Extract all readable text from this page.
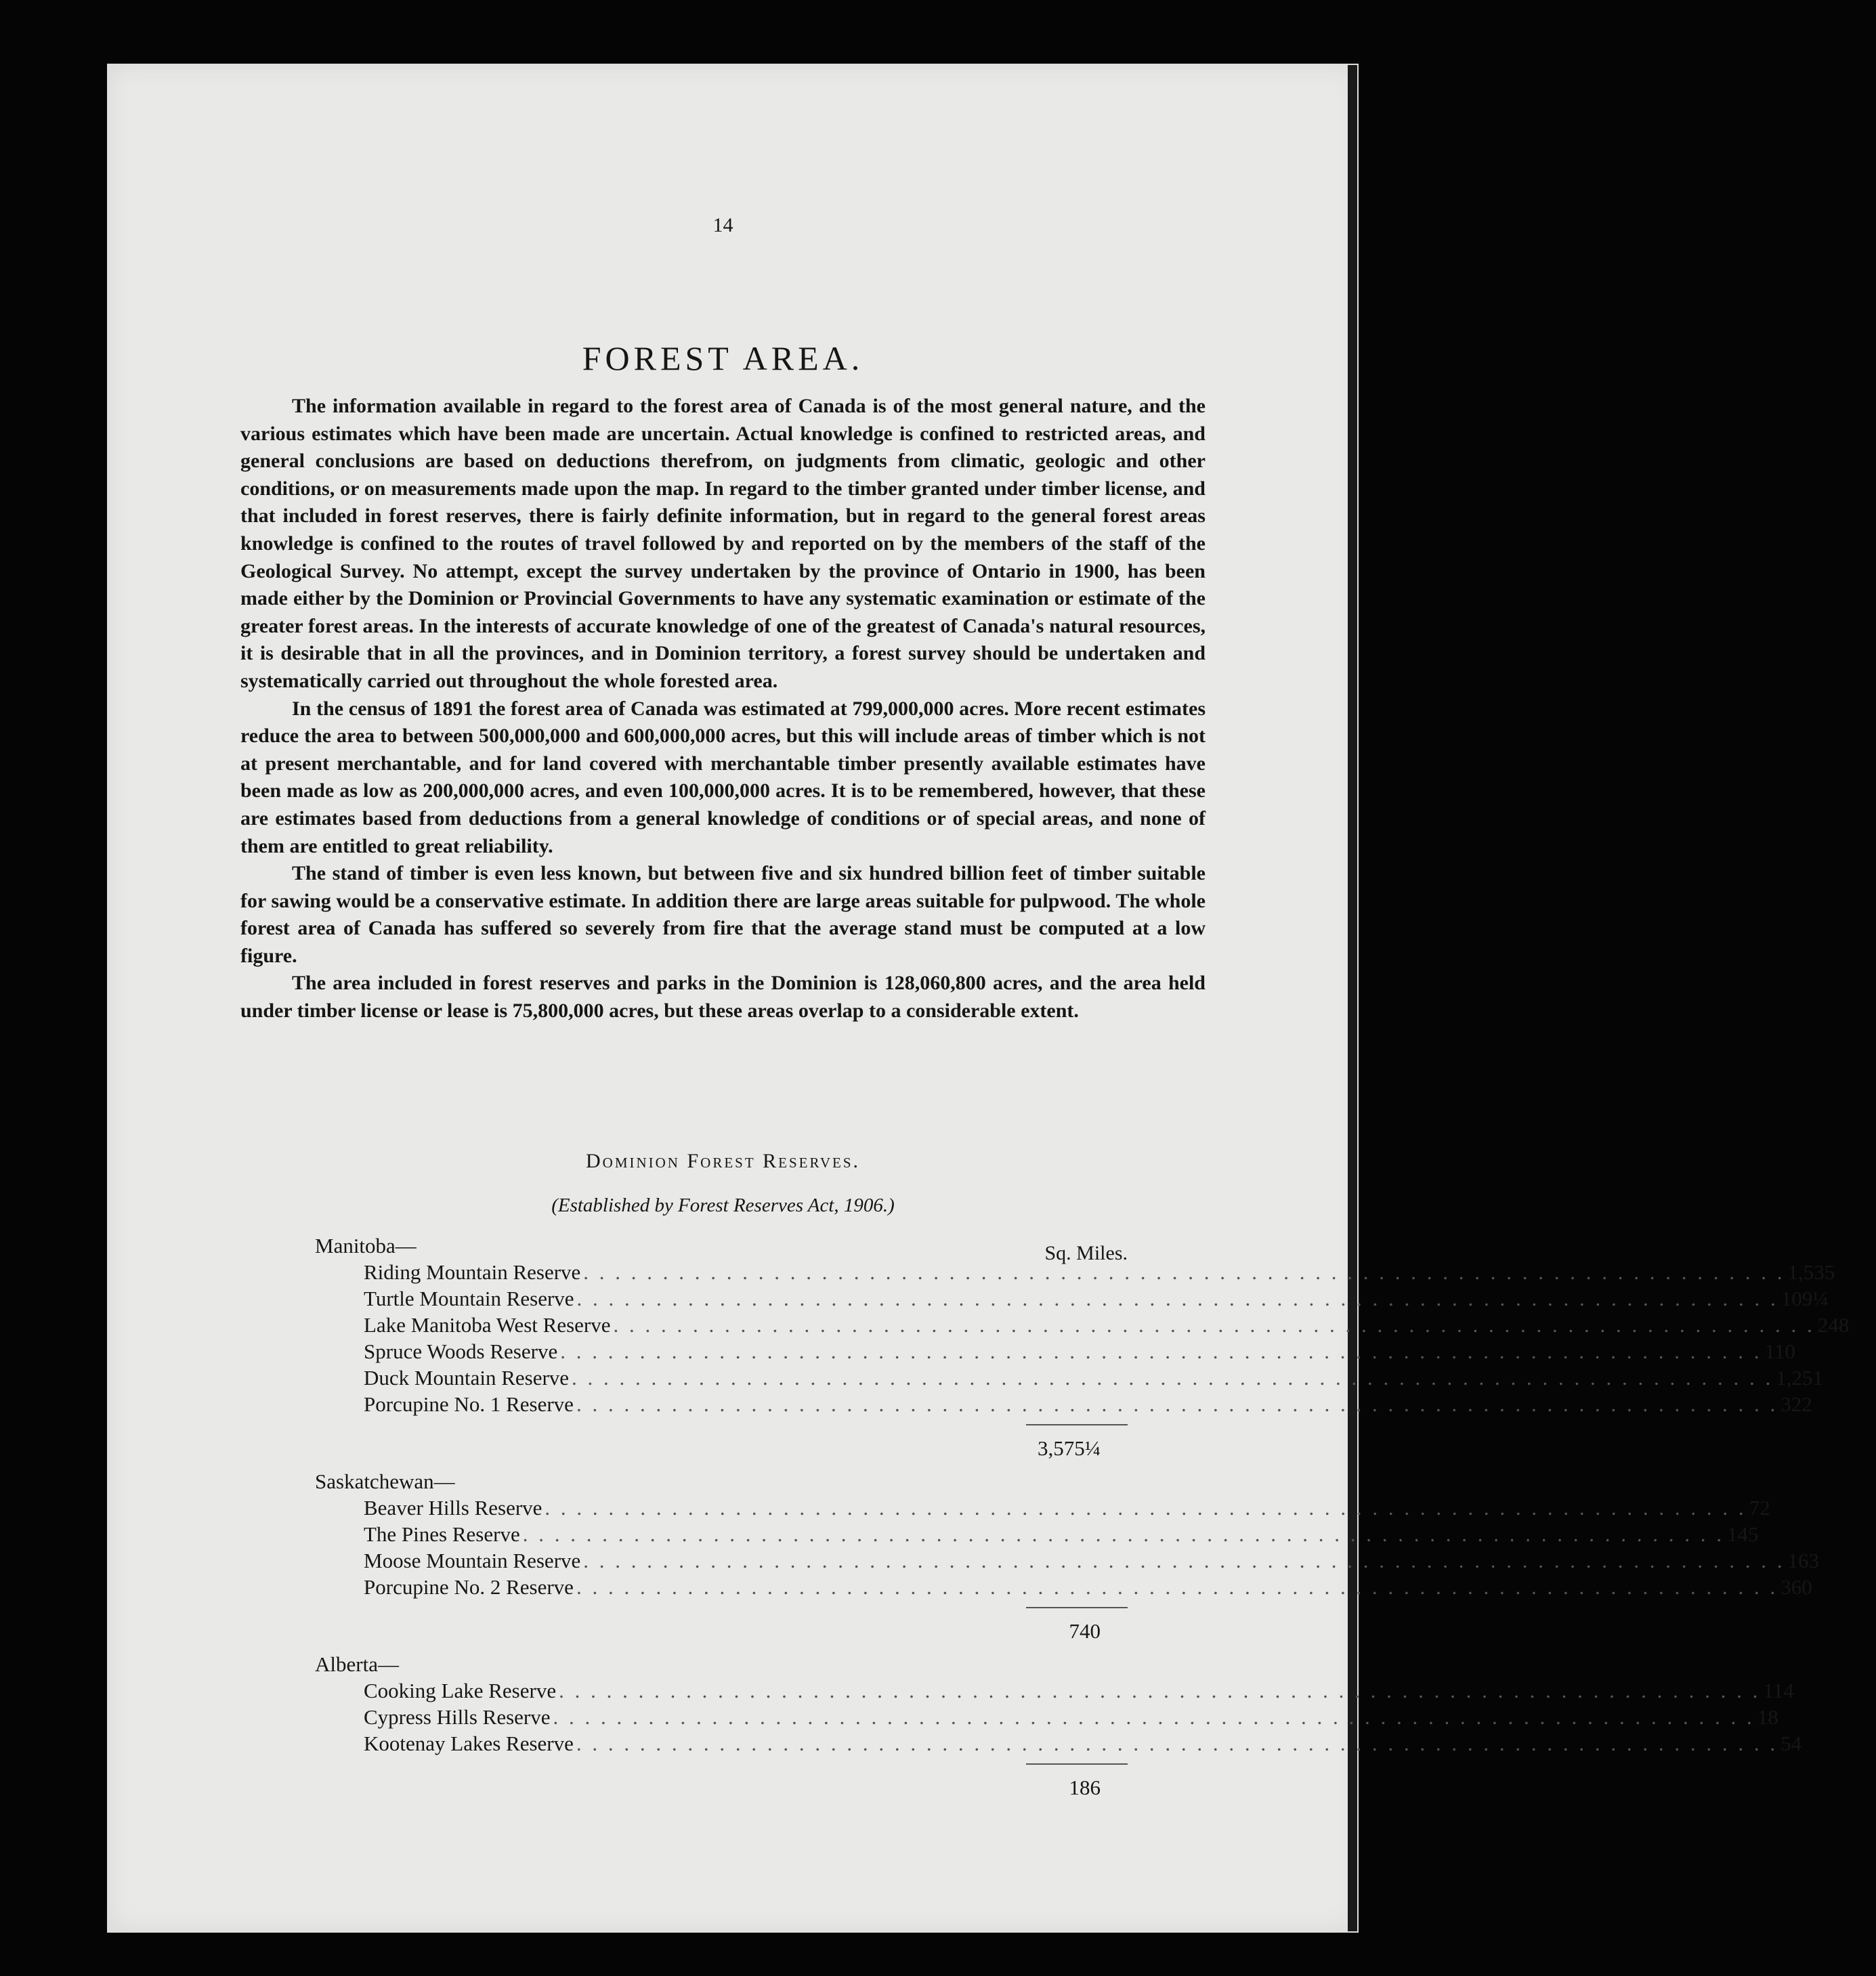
14
FOREST AREA.

The information available in regard to the forest area of Canada is of the most general nature, and the various estimates which have been made are uncertain. Actual knowledge is confined to restricted areas, and general conclusions are based on deductions therefrom, on judgments from climatic, geologic and other conditions, or on measurements made upon the map. In regard to the timber granted under timber license, and that included in forest reserves, there is fairly definite information, but in regard to the general forest areas knowledge is confined to the routes of travel followed by and reported on by the members of the staff of the Geological Survey. No attempt, except the survey undertaken by the province of Ontario in 1900, has been made either by the Dominion or Provincial Governments to have any systematic examination or estimate of the greater forest areas. In the interests of accurate knowledge of one of the greatest of Canada's natural resources, it is desirable that in all the provinces, and in Dominion territory, a forest survey should be undertaken and systematically carried out throughout the whole forested area.

In the census of 1891 the forest area of Canada was estimated at 799,000,000 acres. More recent estimates reduce the area to between 500,000,000 and 600,000,000 acres, but this will include areas of timber which is not at present merchantable, and for land covered with merchantable timber presently available estimates have been made as low as 200,000,000 acres, and even 100,000,000 acres. It is to be remembered, however, that these are estimates based from deductions from a general knowledge of conditions or of special areas, and none of them are entitled to great reliability.

The stand of timber is even less known, but between five and six hundred billion feet of timber suitable for sawing would be a conservative estimate. In addition there are large areas suitable for pulpwood. The whole forest area of Canada has suffered so severely from fire that the average stand must be computed at a low figure.

The area included in forest reserves and parks in the Dominion is 128,060,800 acres, and the area held under timber license or lease is 75,800,000 acres, but these areas overlap to a considerable extent.

Dominion Forest Reserves.
(Established by Forest Reserves Act, 1906.)
Manitoba—	Sq. Miles.
Riding Mountain Reserve . . . . . . . . . . . . . . . . . . . . . . . . . . . . . . . . . . . . . . . . . . . . . . . . . . . . . . . . . . . . . . . . . . . . . . . . . . . . 1,535
Turtle Mountain Reserve . . . . . . . . . . . . . . . . . . . . . . . . . . . . . . . . . . . . . . . . . . . . . . . . . . . . . . . . . . . . . . . . . . . . . . . . . . . . 109¼
Lake Manitoba West Reserve . . . . . . . . . . . . . . . . . . . . . . . . . . . . . . . . . . . . . . . . . . . . . . . . . . . . . . . . . . . . . . . . . . . . . . . . . . . . 248
Spruce Woods Reserve . . . . . . . . . . . . . . . . . . . . . . . . . . . . . . . . . . . . . . . . . . . . . . . . . . . . . . . . . . . . . . . . . . . . . . . . . . . . 110
Duck Mountain Reserve . . . . . . . . . . . . . . . . . . . . . . . . . . . . . . . . . . . . . . . . . . . . . . . . . . . . . . . . . . . . . . . . . . . . . . . . . . . . 1,251
Porcupine No. 1 Reserve . . . . . . . . . . . . . . . . . . . . . . . . . . . . . . . . . . . . . . . . . . . . . . . . . . . . . . . . . . . . . . . . . . . . . . . . . . . . 322
3,575¼
Saskatchewan—
Beaver Hills Reserve . . . . . . . . . . . . . . . . . . . . . . . . . . . . . . . . . . . . . . . . . . . . . . . . . . . . . . . . . . . . . . . . . . . . . . . . . . . . 72
The Pines Reserve . . . . . . . . . . . . . . . . . . . . . . . . . . . . . . . . . . . . . . . . . . . . . . . . . . . . . . . . . . . . . . . . . . . . . . . . . . . . 145
Moose Mountain Reserve . . . . . . . . . . . . . . . . . . . . . . . . . . . . . . . . . . . . . . . . . . . . . . . . . . . . . . . . . . . . . . . . . . . . . . . . . . . . 163
Porcupine No. 2 Reserve . . . . . . . . . . . . . . . . . . . . . . . . . . . . . . . . . . . . . . . . . . . . . . . . . . . . . . . . . . . . . . . . . . . . . . . . . . . . 360
740
Alberta—
Cooking Lake Reserve . . . . . . . . . . . . . . . . . . . . . . . . . . . . . . . . . . . . . . . . . . . . . . . . . . . . . . . . . . . . . . . . . . . . . . . . . . . . 114
Cypress Hills Reserve . . . . . . . . . . . . . . . . . . . . . . . . . . . . . . . . . . . . . . . . . . . . . . . . . . . . . . . . . . . . . . . . . . . . . . . . . . . . 18
Kootenay Lakes Reserve . . . . . . . . . . . . . . . . . . . . . . . . . . . . . . . . . . . . . . . . . . . . . . . . . . . . . . . . . . . . . . . . . . . . . . . . . . . . 54
186
